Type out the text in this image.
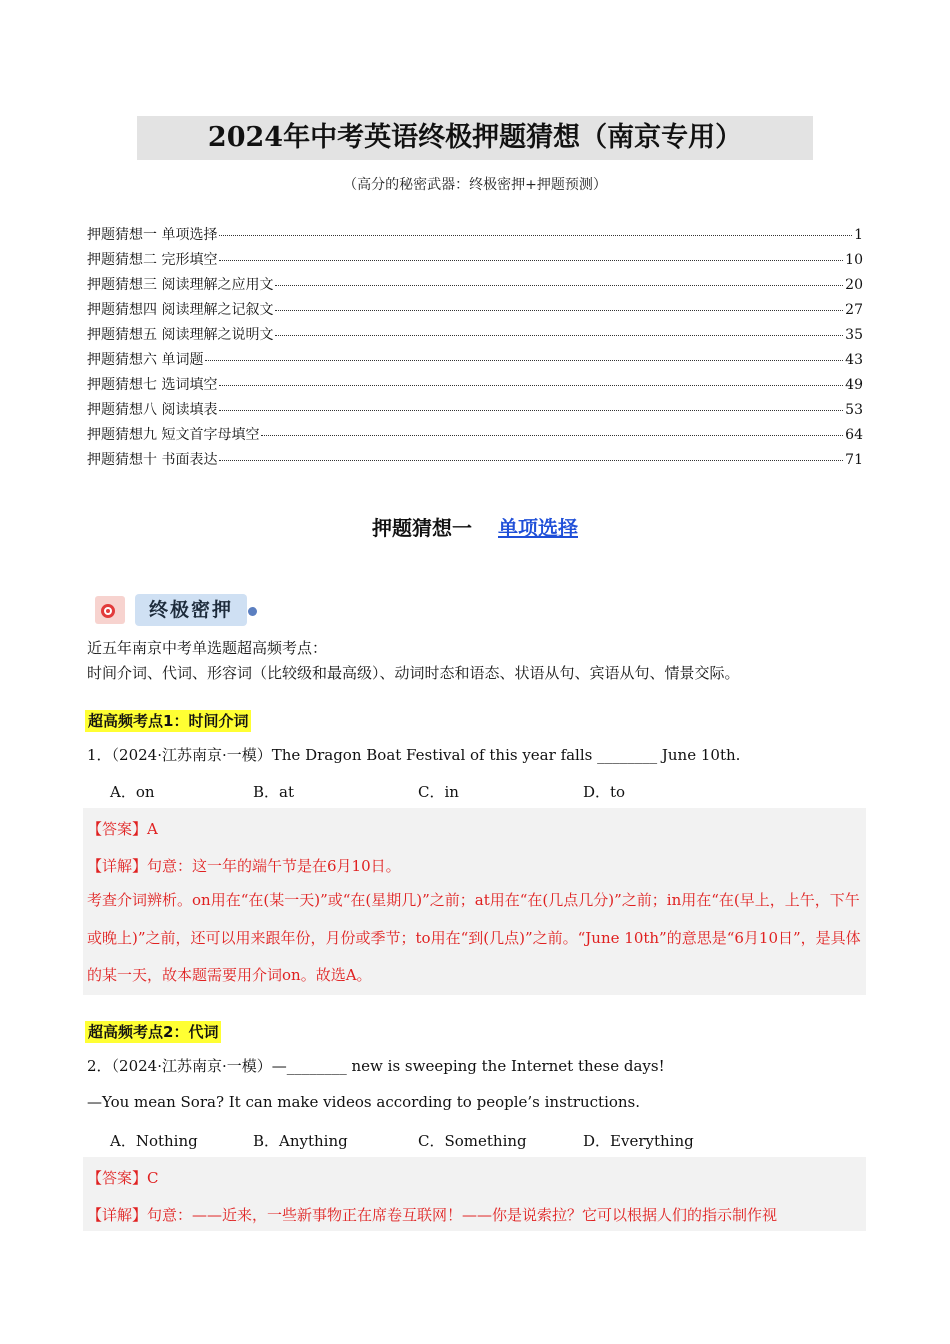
2024年中考英语终极押题猜想（南京专用）
（高分的秘密武器：终极密押+押题预测）
押题猜想一 单项选择	1
押题猜想二 完形填空	10
押题猜想三 阅读理解之应用文	20
押题猜想四 阅读理解之记叙文	27
押题猜想五 阅读理解之说明文	35
押题猜想六 单词题	43
押题猜想七 选词填空	49
押题猜想八 阅读填表	53
押题猜想九 短文首字母填空	64
押题猜想十 书面表达	71
押题猜想一 单项选择
终极密押
近五年南京中考单选题超高频考点：
时间介词、代词、形容词（比较级和最高级）、动词时态和语态、状语从句、宾语从句、情景交际。
超高频考点1：时间介词
1．（2024·江苏南京·一模）The Dragon Boat Festival of this year falls ________ June 10th.
A．on	B．at	C．in	D．to
【答案】A
【详解】句意：这一年的端午节是在6月10日。
考查介词辨析。on用在“在(某一天)”或“在(星期几)”之前；at用在“在(几点几分)”之前；in用在“在(早上，上午，下午或晚上)”之前，还可以用来跟年份，月份或季节；to用在“到(几点)”之前。“June 10th”的意思是“6月10日”，是具体的某一天，故本题需要用介词on。故选A。
超高频考点2：代词
2．（2024·江苏南京·一模）—________ new is sweeping the Internet these days!
—You mean Sora? It can make videos according to people’s instructions.
A．Nothing	B．Anything	C．Something	D．Everything
【答案】C
【详解】句意：——近来，一些新事物正在席卷互联网！——你是说索拉？它可以根据人们的指示制作视
